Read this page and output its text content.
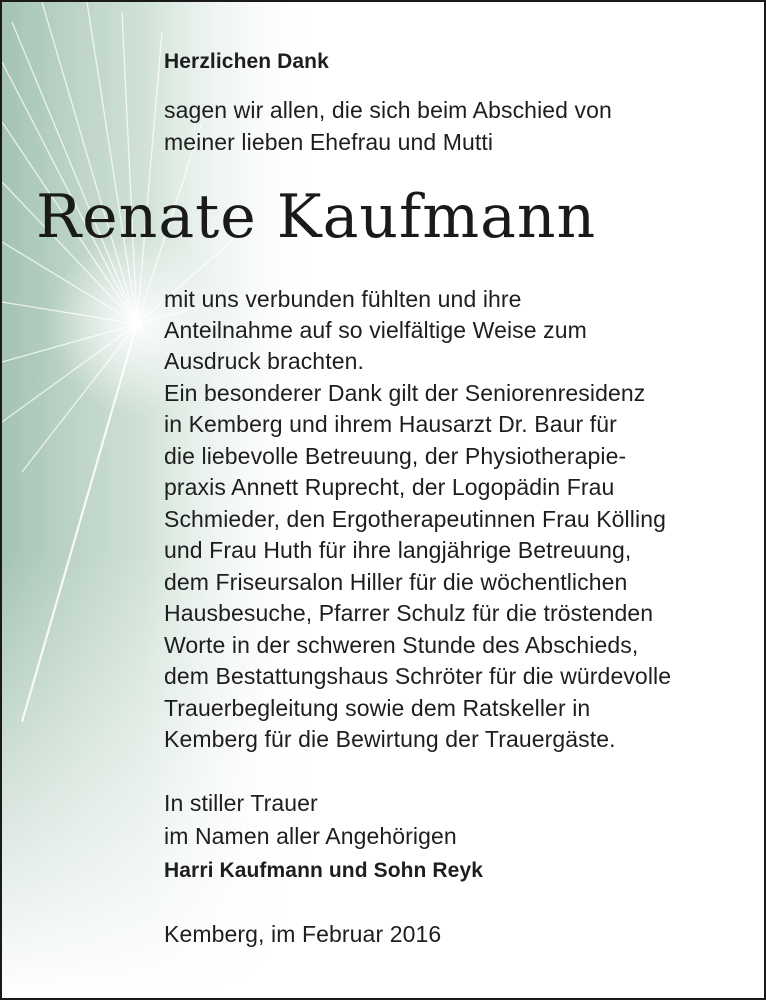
Herzlichen Dank
sagen wir allen, die sich beim Abschied von
meiner lieben Ehefrau und Mutti
Renate Kaufmann
mit uns verbunden fühlten und ihre
Anteilnahme auf so vielfältige Weise zum
Ausdruck brachten.
Ein besonderer Dank gilt der Seniorenresidenz
in Kemberg und ihrem Hausarzt Dr. Baur für
die liebevolle Betreuung, der Physiotherapie-
praxis Annett Ruprecht, der Logopädin Frau
Schmieder, den Ergotherapeutinnen Frau Kölling
und Frau Huth für ihre langjährige Betreuung,
dem Friseursalon Hiller für die wöchentlichen
Hausbesuche, Pfarrer Schulz für die tröstenden
Worte in der schweren Stunde des Abschieds,
dem Bestattungshaus Schröter für die würdevolle
Trauerbegleitung sowie dem Ratskeller in
Kemberg für die Bewirtung der Trauergäste.
In stiller Trauer
im Namen aller Angehörigen
Harri Kaufmann und Sohn Reyk
Kemberg, im Februar 2016
